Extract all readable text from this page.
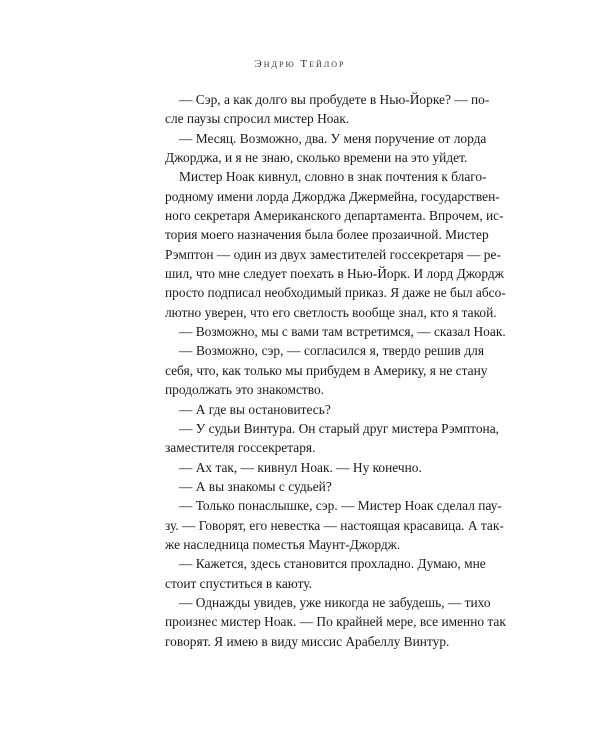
Эндрю Тейлор
— Сэр, а как долго вы пробудете в Нью-Йорке? — по-
сле паузы спросил мистер Ноак.
— Месяц. Возможно, два. У меня поручение от лорда
Джорджа, и я не знаю, сколько времени на это уйдет.
Мистер Ноак кивнул, словно в знак почтения к благо-
родному имени лорда Джорджа Джермейна, государствен-
ного секретаря Американского департамента. Впрочем, ис-
тория моего назначения была более прозаичной. Мистер
Рэмптон — один из двух заместителей госсекретаря — ре-
шил, что мне следует поехать в Нью-Йорк. И лорд Джордж
просто подписал необходимый приказ. Я даже не был абсо-
лютно уверен, что его светлость вообще знал, кто я такой.
— Возможно, мы с вами там встретимся, — сказал Ноак.
— Возможно, сэр, — согласился я, твердо решив для
себя, что, как только мы прибудем в Америку, я не стану
продолжать это знакомство.
— А где вы остановитесь?
— У судьи Винтура. Он старый друг мистера Рэмптона,
заместителя госсекретаря.
— Ах так, — кивнул Ноак. — Ну конечно.
— А вы знакомы с судьей?
— Только понаслышке, сэр. — Мистер Ноак сделал пау-
зу. — Говорят, его невестка — настоящая красавица. А так-
же наследница поместья Маунт-Джордж.
— Кажется, здесь становится прохладно. Думаю, мне
стоит спуститься в каюту.
— Однажды увидев, уже никогда не забудешь, — тихо
произнес мистер Ноак. — По крайней мере, все именно так
говорят. Я имею в виду миссис Арабеллу Винтур.
